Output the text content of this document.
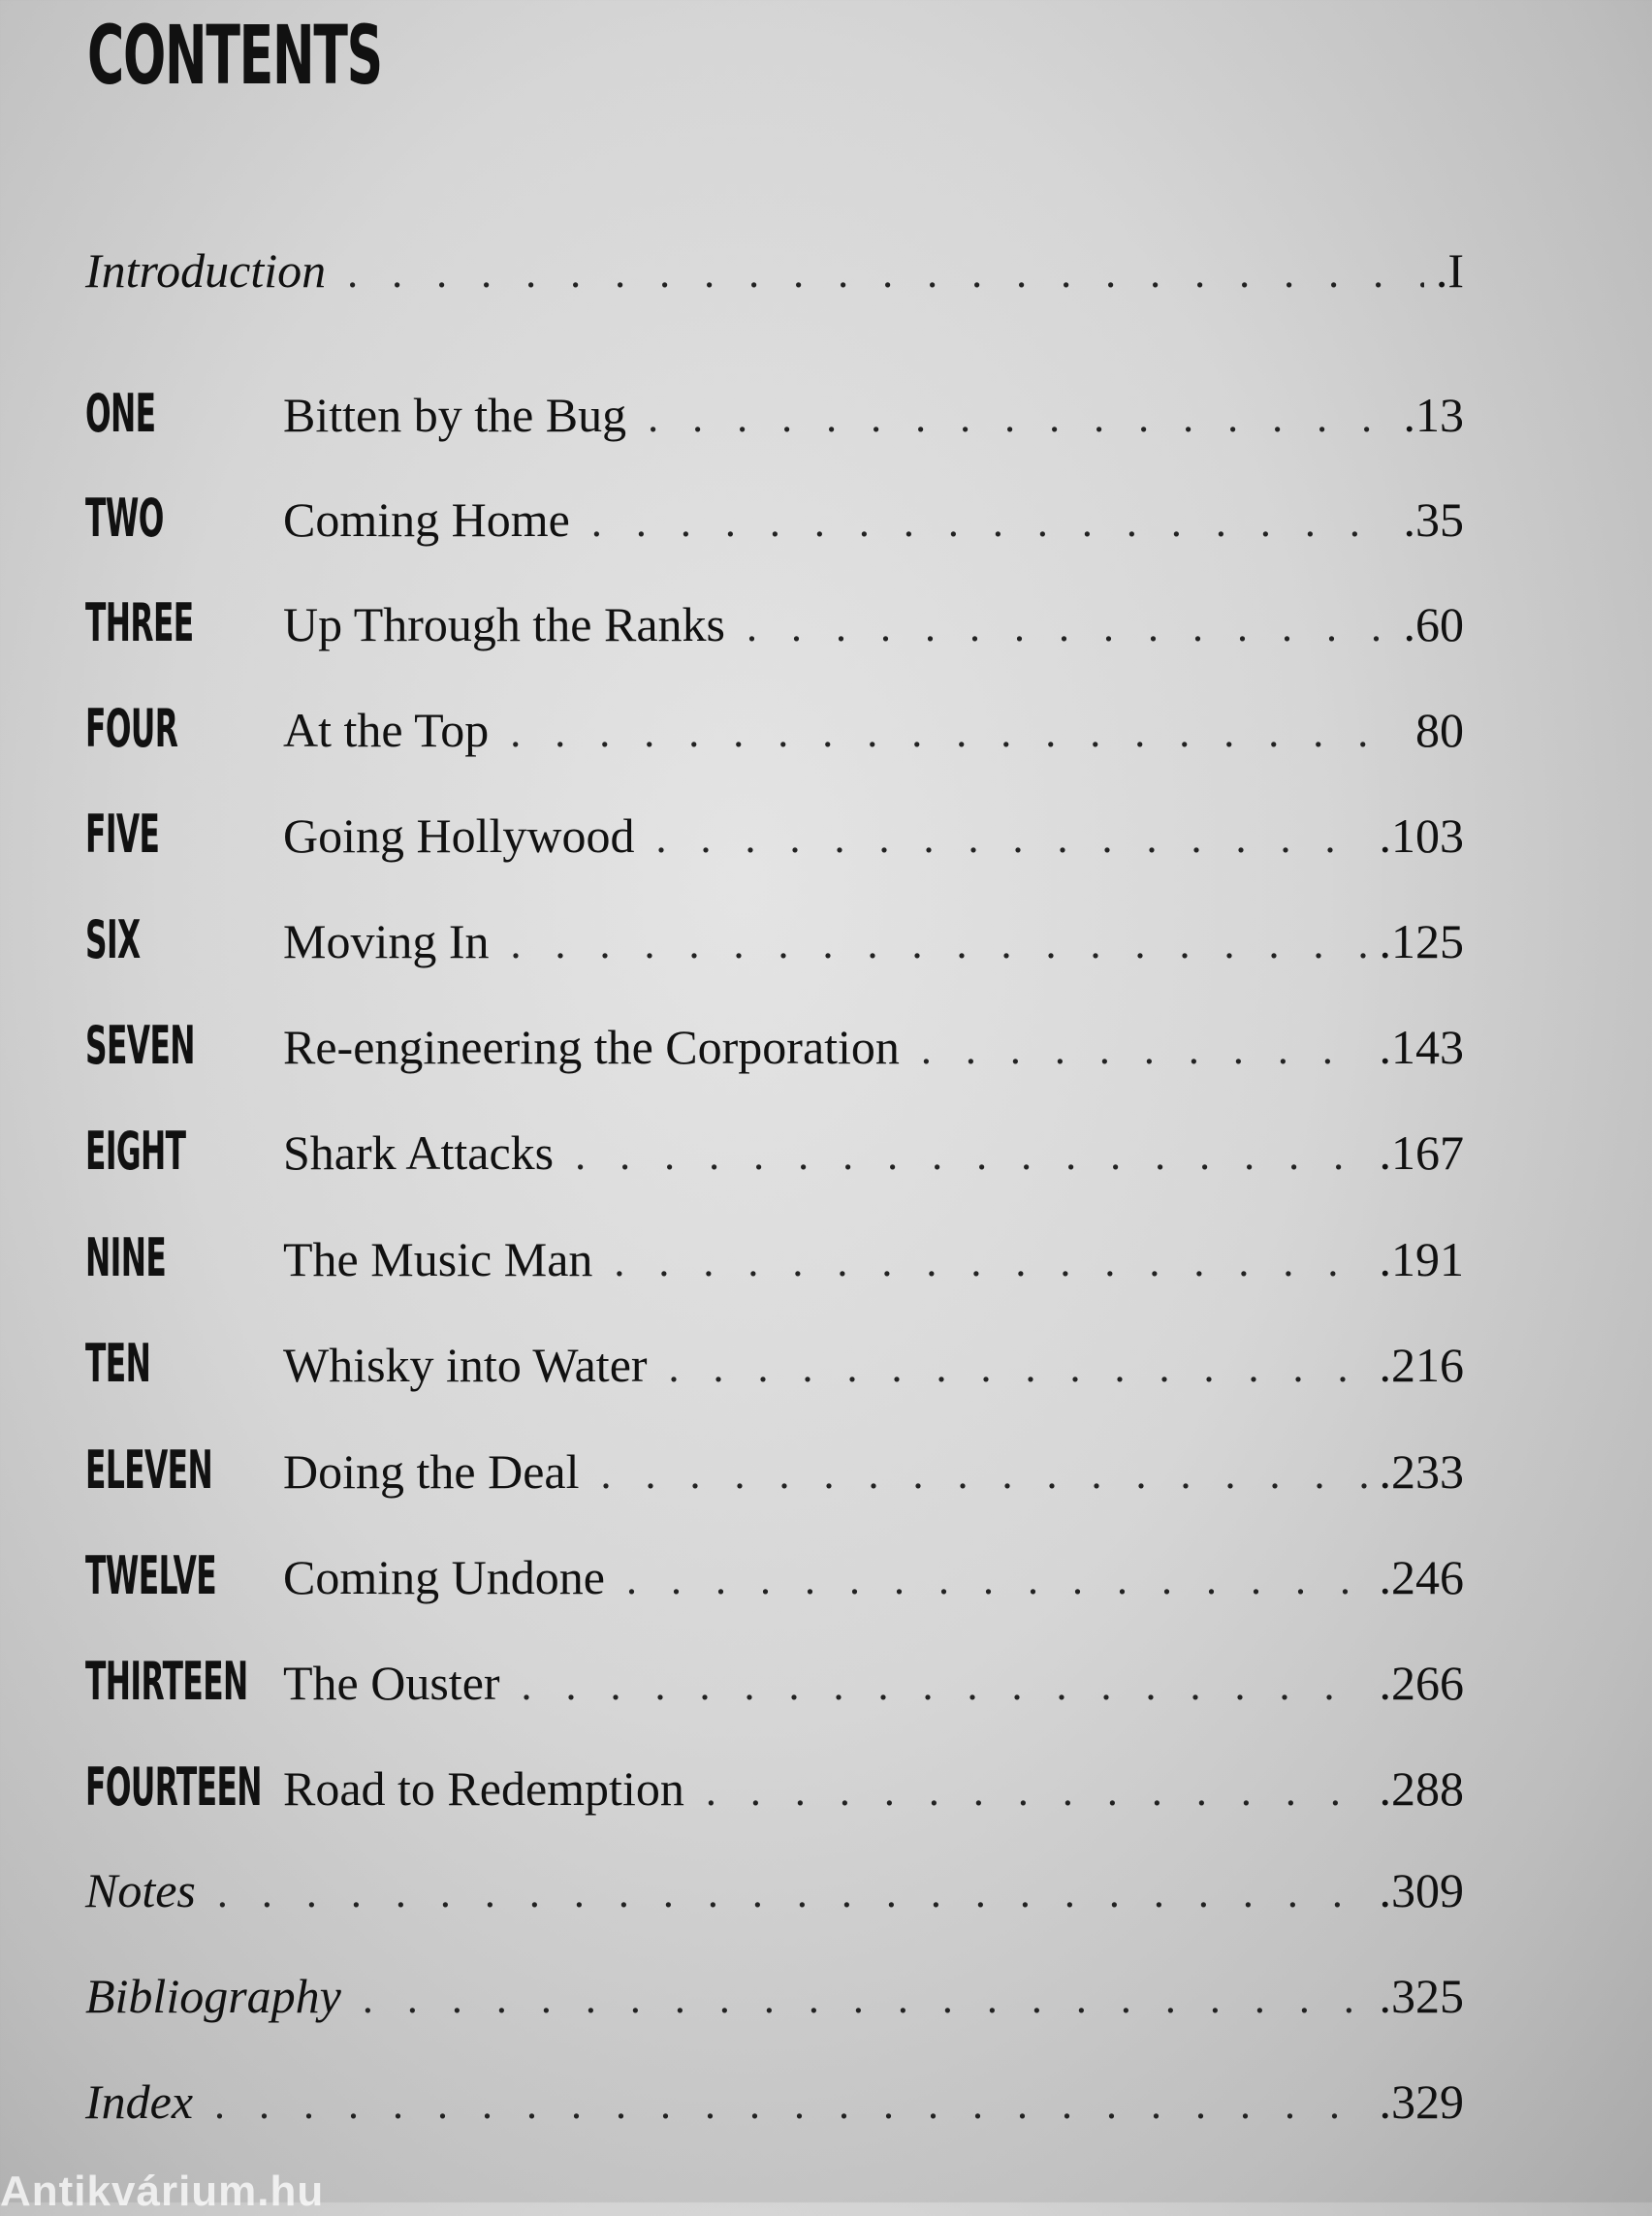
CONTENTS
Introduction . . .	.I
ONE	Bitten by the Bug . . .	.13
TWO Coming Home . . .	.35
THREE Up Through the Ranks . . .	.60
FOUR At the Top . . .	80
FIVE	Going Hollywood . . .	.103
SIX	Moving In . . .	.125
SEVEN Re-engineering the Corporation . . .	.143
EIGHT Shark Attacks . . .	.167
NINE The Music Man . . .	.191
TEN	Whisky into Water . . .	.216
ELEVEN Doing the Deal . . .	.233
TWELVE Coming Undone . . .	.246
THIRTEEN The Ouster . . .	.266
FOURTEEN Road to Redemption . . .	.288
Notes . . .	.309
Bibliography . . .	.325
Index . . .	.329
Antikvárium.hu
